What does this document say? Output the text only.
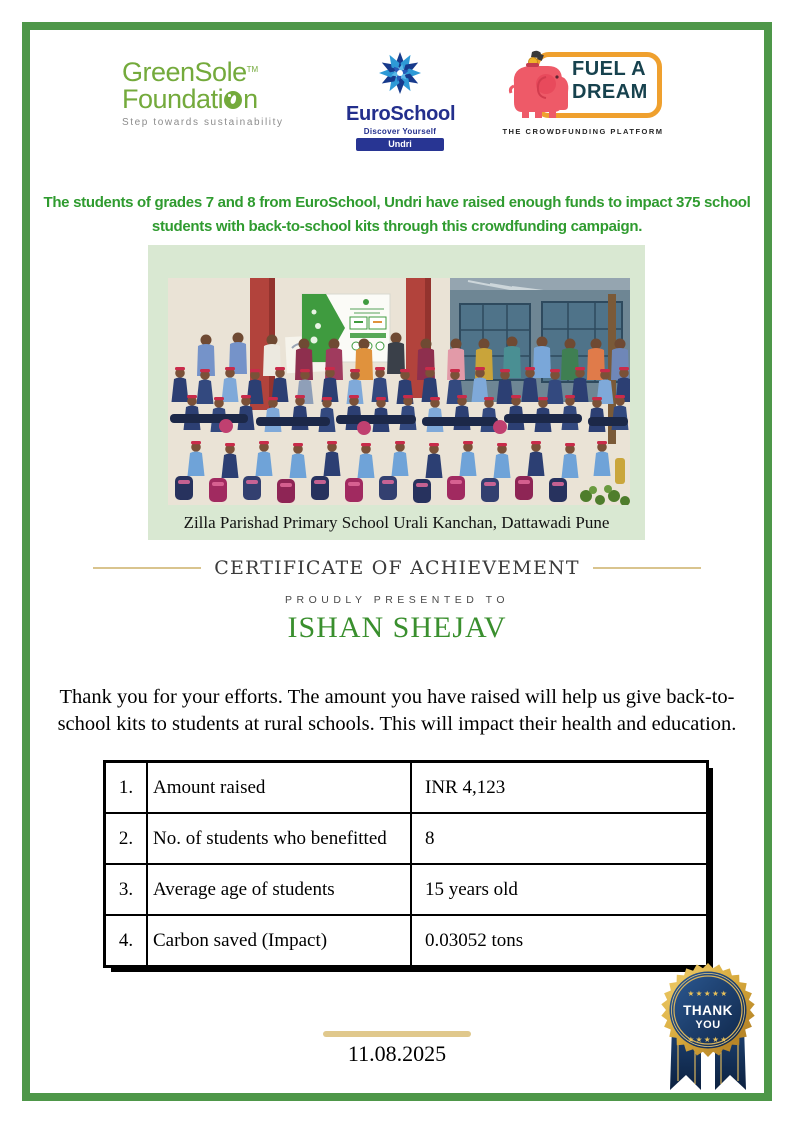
GreenSole™
Foundati n
Step towards sustainability	EuroSchool
Discover Yourself
Undri
FUEL A
DREAM
THE CROWDFUNDING PLATFORM

The students of grades 7 and 8 from EuroSchool, Undri have raised enough funds to impact 375 school students with back-to-school kits through this crowdfunding campaign.

Zilla Parishad Primary School Urali Kanchan, Dattawadi Pune
CERTIFICATE OF ACHIEVEMENT
PROUDLY PRESENTED TO
ISHAN SHEJAV

Thank you for your efforts. The amount you have raised will help us give back-to-school kits to students at rural schools. This will impact their health and education.

1.	Amount raised	INR 4,123
2.	No. of students who benefitted	8
3.	Average age of students	15 years old
4.	Carbon saved (Impact)	0.03052 tons
11.08.2025
★★★★★
THANK
YOU
★★★★★
